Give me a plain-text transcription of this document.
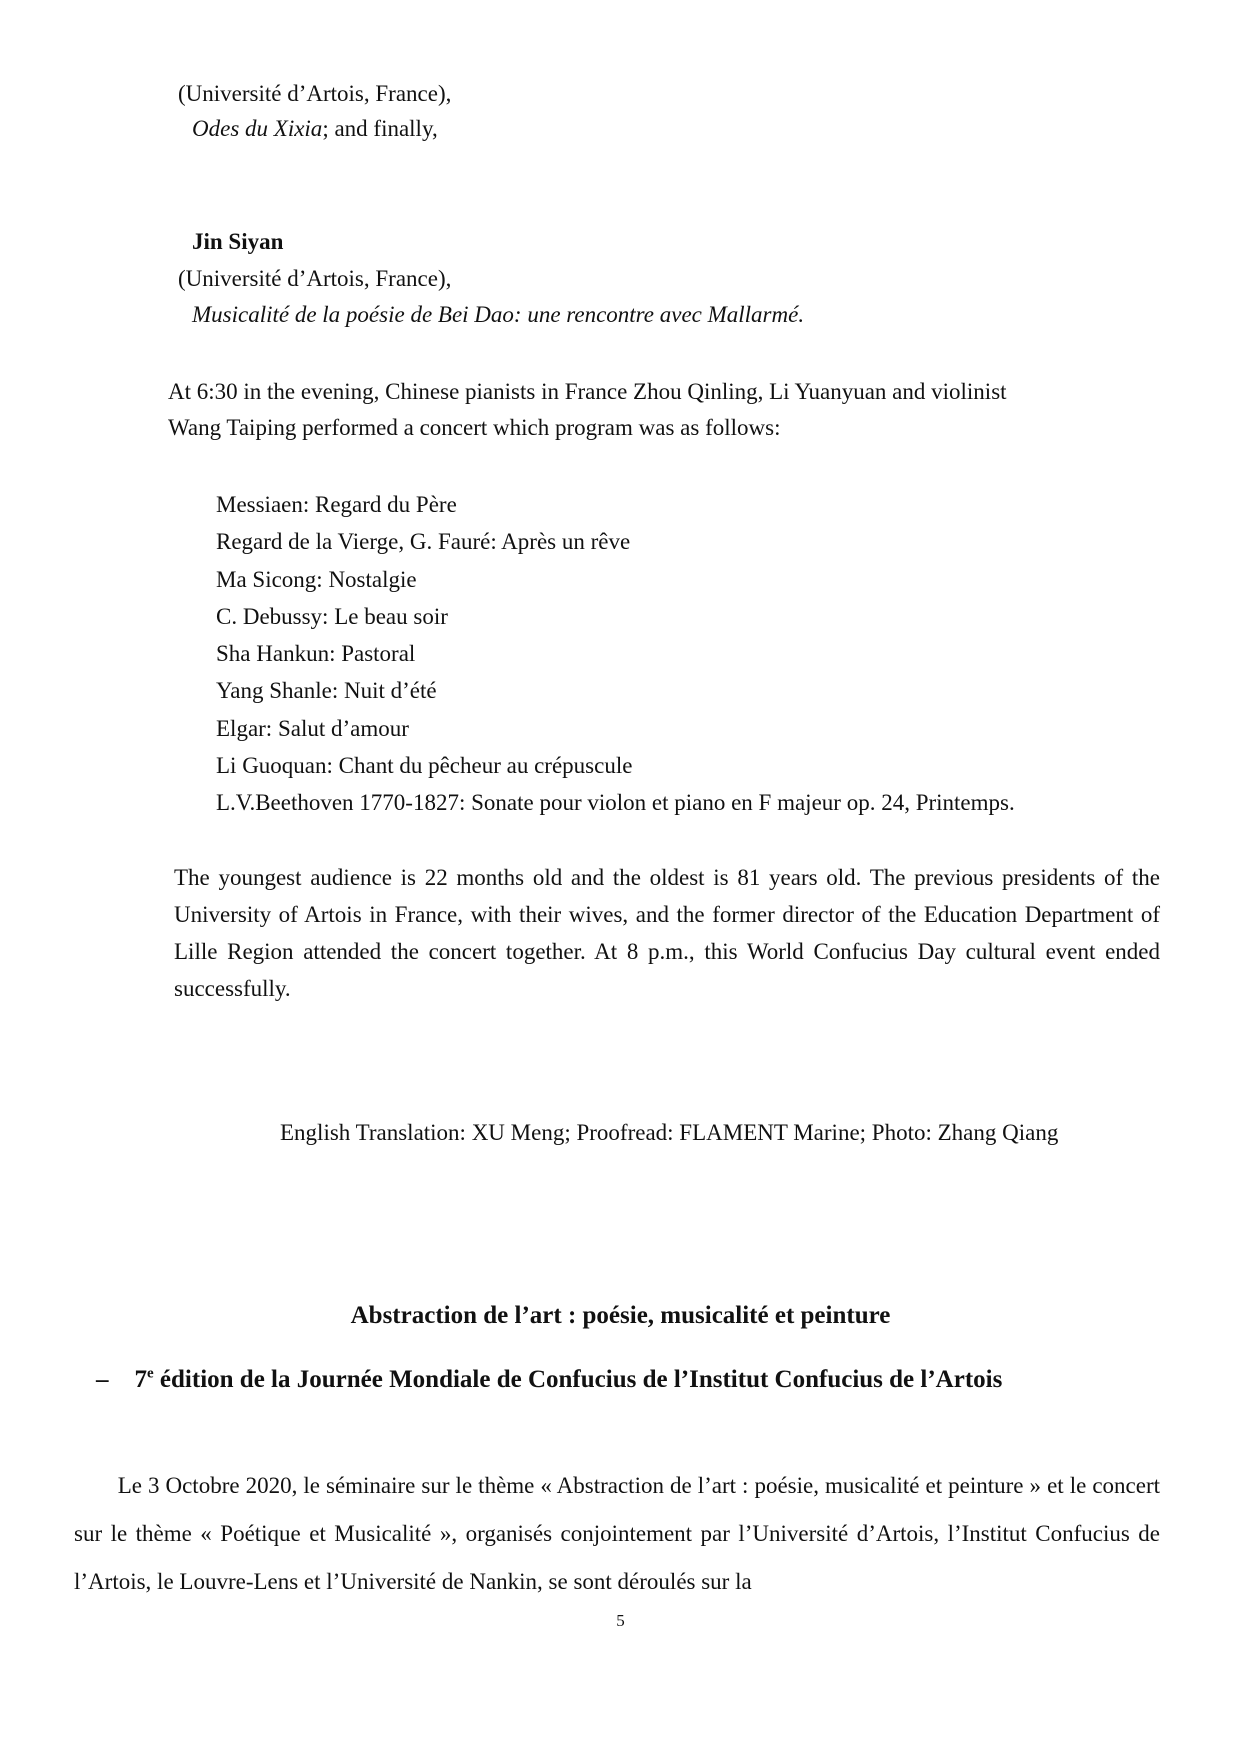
(Université d’Artois, France),
Odes du Xixia; and finally,
Jin Siyan
(Université d’Artois, France),
Musicalité de la poésie de Bei Dao: une rencontre avec Mallarmé.
At 6:30 in the evening, Chinese pianists in France Zhou Qinling, Li Yuanyuan and violinist
Wang Taiping performed a concert which program was as follows:
Messiaen: Regard du Père
Regard de la Vierge, G. Fauré: Après un rêve
Ma Sicong: Nostalgie
C. Debussy: Le beau soir
Sha Hankun: Pastoral
Yang Shanle: Nuit d’été
Elgar: Salut d’amour
Li Guoquan: Chant du pêcheur au crépuscule
L.V.Beethoven 1770-1827: Sonate pour violon et piano en F majeur op. 24, Printemps.
The youngest audience is 22 months old and the oldest is 81 years old. The previous presidents of the University of Artois in France, with their wives, and the former director of the Education Department of Lille Region attended the concert together. At 8 p.m., this World Confucius Day cultural event ended successfully.
English Translation: XU Meng; Proofread: FLAMENT Marine; Photo: Zhang Qiang
Abstraction de l’art : poésie, musicalité et peinture
– 7e édition de la Journée Mondiale de Confucius de l’Institut Confucius de l’Artois
Le 3 Octobre 2020, le séminaire sur le thème « Abstraction de l’art : poésie, musicalité et peinture » et le concert sur le thème « Poétique et Musicalité », organisés conjointement par l’Université d’Artois, l’Institut Confucius de l’Artois, le Louvre-Lens et l’Université de Nankin, se sont déroulés sur la
5
